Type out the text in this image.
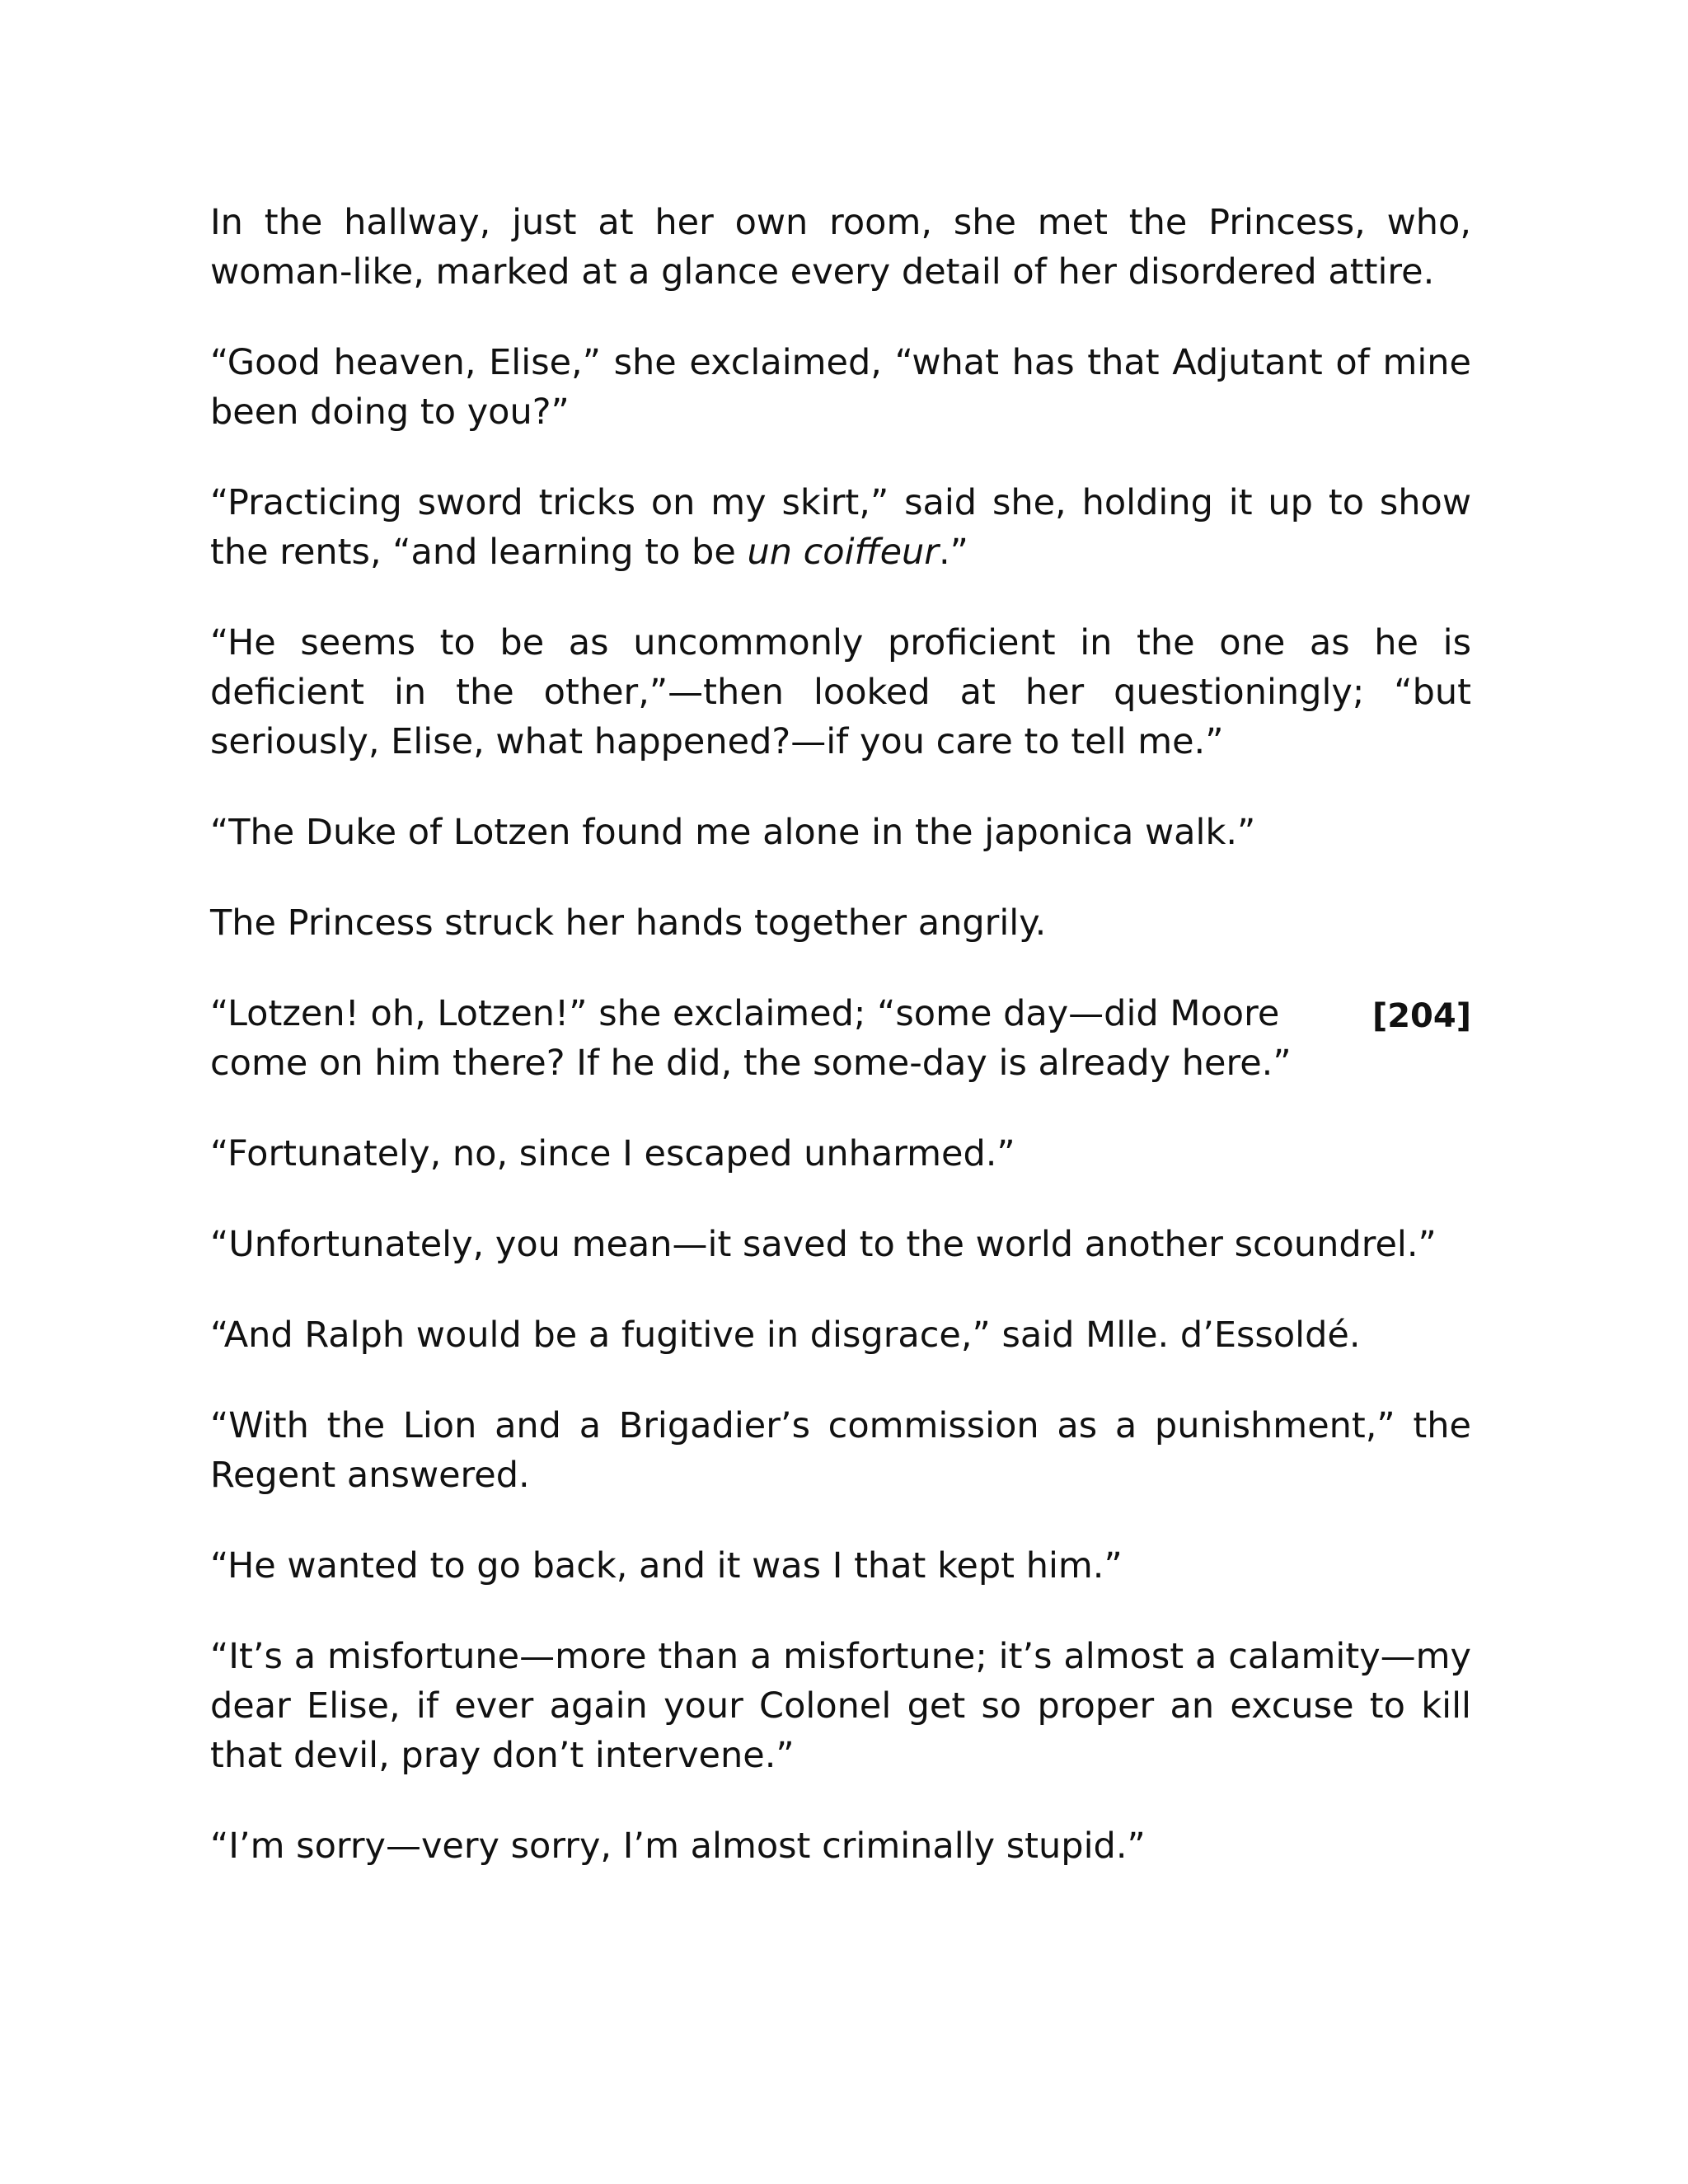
In the hallway, just at her own room, she met the Princess, who, woman-like, marked at a glance every detail of her disordered attire.

“Good heaven, Elise,” she exclaimed, “what has that Adjutant of mine been doing to you?”

“Practicing sword tricks on my skirt,” said she, holding it up to show the rents, “and learning to be un coiffeur.”

“He seems to be as uncommonly proficient in the one as he is deficient in the other,”—then looked at her questioningly; “but seriously, Elise, what happened?—if you care to tell me.”

“The Duke of Lotzen found me alone in the japonica walk.”

The Princess struck her hands together angrily.

“Lotzen! oh, Lotzen!” she exclaimed; “some day—did Moore come on him there? If he did, the some-day is already here.”
[204]

“Fortunately, no, since I escaped unharmed.”

“Unfortunately, you mean—it saved to the world another scoundrel.”

“And Ralph would be a fugitive in disgrace,” said Mlle. d’Essoldé.

“With the Lion and a Brigadier’s commission as a punishment,” the Regent answered.

“He wanted to go back, and it was I that kept him.”

“It’s a misfortune—more than a misfortune; it’s almost a calamity—my dear Elise, if ever again your Colonel get so proper an excuse to kill that devil, pray don’t intervene.”

“I’m sorry—very sorry, I’m almost criminally stupid.”
